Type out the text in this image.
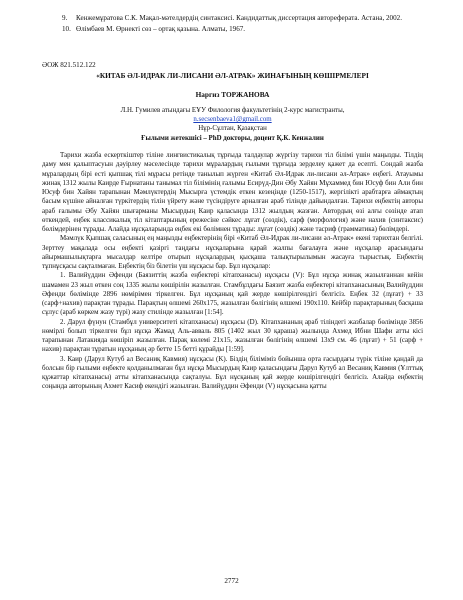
9.	Кенжемұратова С.К. Мақал-мәтелдердің синтаксисі. Кандидаттық диссертация автореферата. Астана, 2002.
10. Өлімбаев М. Өрнекті сөз – ортақ қазына. Алматы, 1967.
ӘОЖ 821.512.122
«КИТАБ ӘЛ-ИДРАК ЛИ-ЛИСАНИ ӘЛ-АТРАК» ЖИНАҒЫНЫҢ КӨШІРМЕЛЕРІ
Наргиз ТОРЖАНОВА
Л.Н. Гумилев атындағы ЕҰУ Филология факультетінің 2-курс магистранты,
n.secsenbaeva1@gmail.com
Нұр-Сұлтан, Қазақстан
Ғылыми жетекшісі – PhD докторы, доцент Қ.К. Кенжалин

Тарихи жазба ескерткіштер тіліне лингвистикалық тұрғыда талдаулар жүргізу тарихи тіл білімі үшін маңызды. Тілдің даму мен қалыптасуын дәуірлеу мәселесінде тарихи мұралардың ғылыми тұрғыда зерделеу қажет да есепті. Сондай жазба мұралардың бірі есті қыпшақ тілі мұрасы ретінде танылып жүрген «Китаб Әл-Идрак ли-лисани әл-Атрак» еңбегі. Атауымы жинақ 1312 жылы Каирде Ғырнатаны танымал тіл білімінің ғалымы Есирүд-Дин Әбу Хайян Мұхаммед бин Юсуф бин Али бин Юсуф бин Хайян тарапынан Мәмлүктердің Мысырға үстемдік еткен кезеңінде (1250-1517), жергілікті арабтарға аймақтың басым күшіне айналған түркітердің тілін үйрету және түсіндіруге арналған араб тілінде дайындалған. Тарихи еңбектің авторы араб ғалымы Әбу Хайян шығарманы Мысырдың Каир қаласында 1312 жылдың жазған. Автордың өзі алғы сөзінде атап өткендей, еңбек классикалық тіл кітаптарының ережесіне сәйкес лұғат (сөздік), сарф (морфология) және нахив (синтаксис) бөлімдерінен тұрады. Алайда нұсқаларында еңбек екі бөлімнен тұрады: лұғат (сөздік) және тасриф (грамматика) бөлімдері.

Мәмлүк Қыпшақ саласының ең маңызды еңбектерінің бірі «Китаб Әл-Идрак ли-лисани әл-Атрак» екені тарихтан белгілі. Зерттеу мақалада осы еңбекті қазіргі таңдағы нұсқаларына қарай жалпы бағалауға және нұсқалар арасындағы айырмашылықтарға мысалдар келтіре отырып нұсқалардың қысқаша талықтырылымын жасауға тырыстық. Еңбектің тұпнұсқасы сақталмаған. Еңбектің біз білетін үш нұсқасы бар. Бұл нұсқалар:

1. Валийүддин Әфенди (Баязиттің жазба еңбектері кітапханасы) нұсқасы (V): Бұл нұсқа жинақ жазылғаннан кейін шамамен 23 жыл өткен соң 1335 жылы көшірілін жазылған. Стамбұлдағы Баязит жазба еңбектері кітапханасының Валийүддин Әфенди бөлімінде 2896 нөмірімен тіркелген. Бұл нұсқаның қай жерде көшірілгендігі белгісіз. Еңбек 32 (лұғат) + 33 (сарф+нахив) парақтан тұрады. Парақтың өлшемі 260x175, жазылған бөлігінің өлшемі 190x110. Кейбір парақтарының басқаша сұлус (араб көркем жазу түрі) жазу стилінде жазылған [1:54].

2. Дарул фүнун (Стамбұл университеті кітапханасы) нұсқасы (D). Кітапхананың араб тіліндегі жазбалар бөлімінде 3856 нөмірлі болып тіркелген бұл нұсқа Жамад Аль-авваль 805 (1402 жыл 30 қараша) жылында Ахмед Ибни Шафи атты кісі тарапынан Латакияда көшіріп жазылған. Парақ көлемі 21x15, жазылған бөлігінің өлшемі 13x9 см. 46 (лұғат) + 51 (сарф + нахив) парақтан тұратын нұсқаның әр бетте 15 бетті құрайды [1:59].

3. Каир (Дарул Кутуб ал Весаниқ Кавмия) нұсқасы (K). Біздің біліміміз бойынша орта ғасырдағы түрік тіліне қандай да болсын бір ғылыми еңбекте қолданылмаған бұл нұсқа Мысырдың Каир қаласындағы Дарул Кутуб ал Весаниқ Кавмия (Ұлттық құжаттар кітапханасы) атты кітапханасында сақталуы. Бұл нұсқаның қай жерде көшірілгендігі белгісіз. Алайда еңбектің соңында авторының Ахмет Касиф екендігі жазылған. Валийүддин Әфенди (V) нұсқасына қатты

2772
